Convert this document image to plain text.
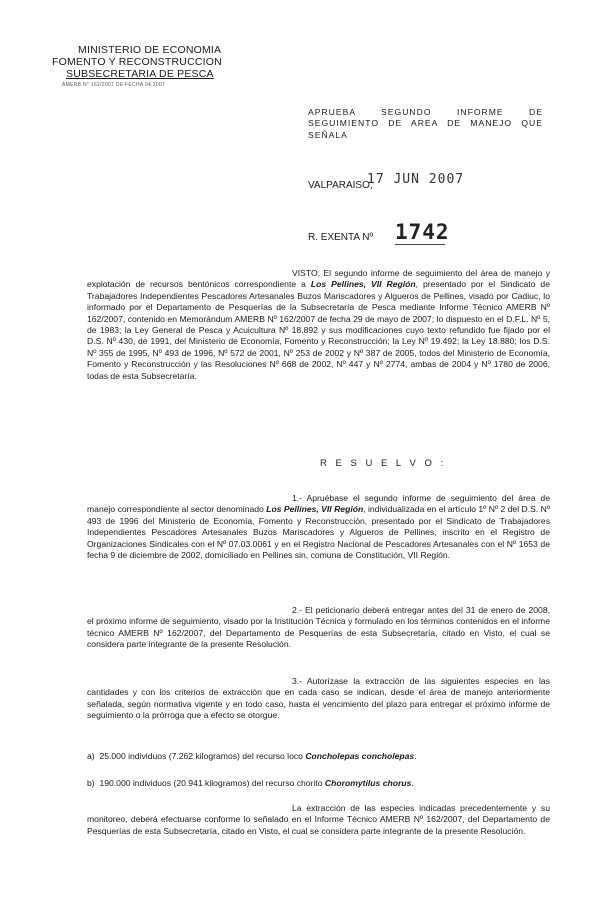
MINISTERIO DE ECONOMIA
FOMENTO Y RECONSTRUCCION
SUBSECRETARIA DE PESCA
AMERB N° 162/2007 DE FECHA 04.2007
APRUEBA SEGUNDO INFORME DE SEGUIMIENTO DE AREA DE MANEJO QUE SEÑALA
VALPARAISO,
17 JUN 2007
R. EXENTA Nº 1742
VISTO: El segundo informe de seguimiento del área de manejo y explotación de recursos bentónicos correspondiente a Los Pellines, VII Región, presentado por el Sindicato de Trabajadores Independientes Pescadores Artesanales Buzos Mariscadores y Algueros de Pellines, visado por Cadiuc, lo informado por el Departamento de Pesquerías de la Subsecretaría de Pesca mediante Informe Técnico AMERB Nº 162/2007, contenido en Memorándum AMERB Nº 162/2007 de fecha 29 de mayo de 2007; lo dispuesto en el D.F.L. Nº 5, de 1983; la Ley General de Pesca y Acuicultura Nº 18.892 y sus modificaciones cuyo texto refundido fue fijado por el D.S. Nº 430, de 1991, del Ministerio de Economía, Fomento y Reconstrucción; la Ley Nº 19.492; la Ley 18.880; los D.S. Nº 355 de 1995, Nº 493 de 1996, Nº 572 de 2001, Nº 253 de 2002 y Nº 387 de 2005, todos del Ministerio de Economía, Fomento y Reconstrucción y las Resoluciones Nº 668 de 2002, Nº 447 y Nº 2774, ambas de 2004 y Nº 1780 de 2006, todas de esta Subsecretaría.
R E S U E L V O :
1.- Apruébase el segundo informe de seguimiento del área de manejo correspondiente al sector denominado Los Pellines, VII Región, individualizada en el artículo 1º Nº 2 del D.S. Nº 493 de 1996 del Ministerio de Economía, Fomento y Reconstrucción, presentado por el Sindicato de Trabajadores Independientes Pescadores Artesanales Buzos Mariscadores y Algueros de Pellines, inscrito en el Registro de Organizaciones Sindicales con el Nº 07.03.0061 y en el Registro Nacional de Pescadores Artesanales con el Nº 1653 de fecha 9 de diciembre de 2002, domiciliado en Pellines sin, comuna de Constitución, VII Región.
2.- El peticionario deberá entregar antes del 31 de enero de 2008, el próximo informe de seguimiento, visado por la Institución Técnica y formulado en los términos contenidos en el informe técnico AMERB Nº 162/2007, del Departamento de Pesquerías de esta Subsecretaría, citado en Visto, el cual se considera parte integrante de la presente Resolución.
3.- Autorízase la extracción de las siguientes especies en las cantidades y con los criterios de extracción que en cada caso se indican, desde el área de manejo anteriormente señalada, según normativa vigente y en todo caso, hasta el vencimiento del plazo para entregar el próximo informe de seguimiento o la prórroga que a efecto se otorgue.
a) 25.000 individuos (7.262 kilogramos) del recurso loco Concholepas concholepas.
b) 190.000 individuos (20.941 kilogramos) del recurso chorito Choromytilus chorus.
La extracción de las especies indicadas precedentemente y su monitoreo, deberá efectuarse conforme lo señalado en el Informe Técnico AMERB Nº 162/2007, del Departamento de Pesquerías de esta Subsecretaría, citado en Visto, el cual se considera parte integrante de la presente Resolución.
